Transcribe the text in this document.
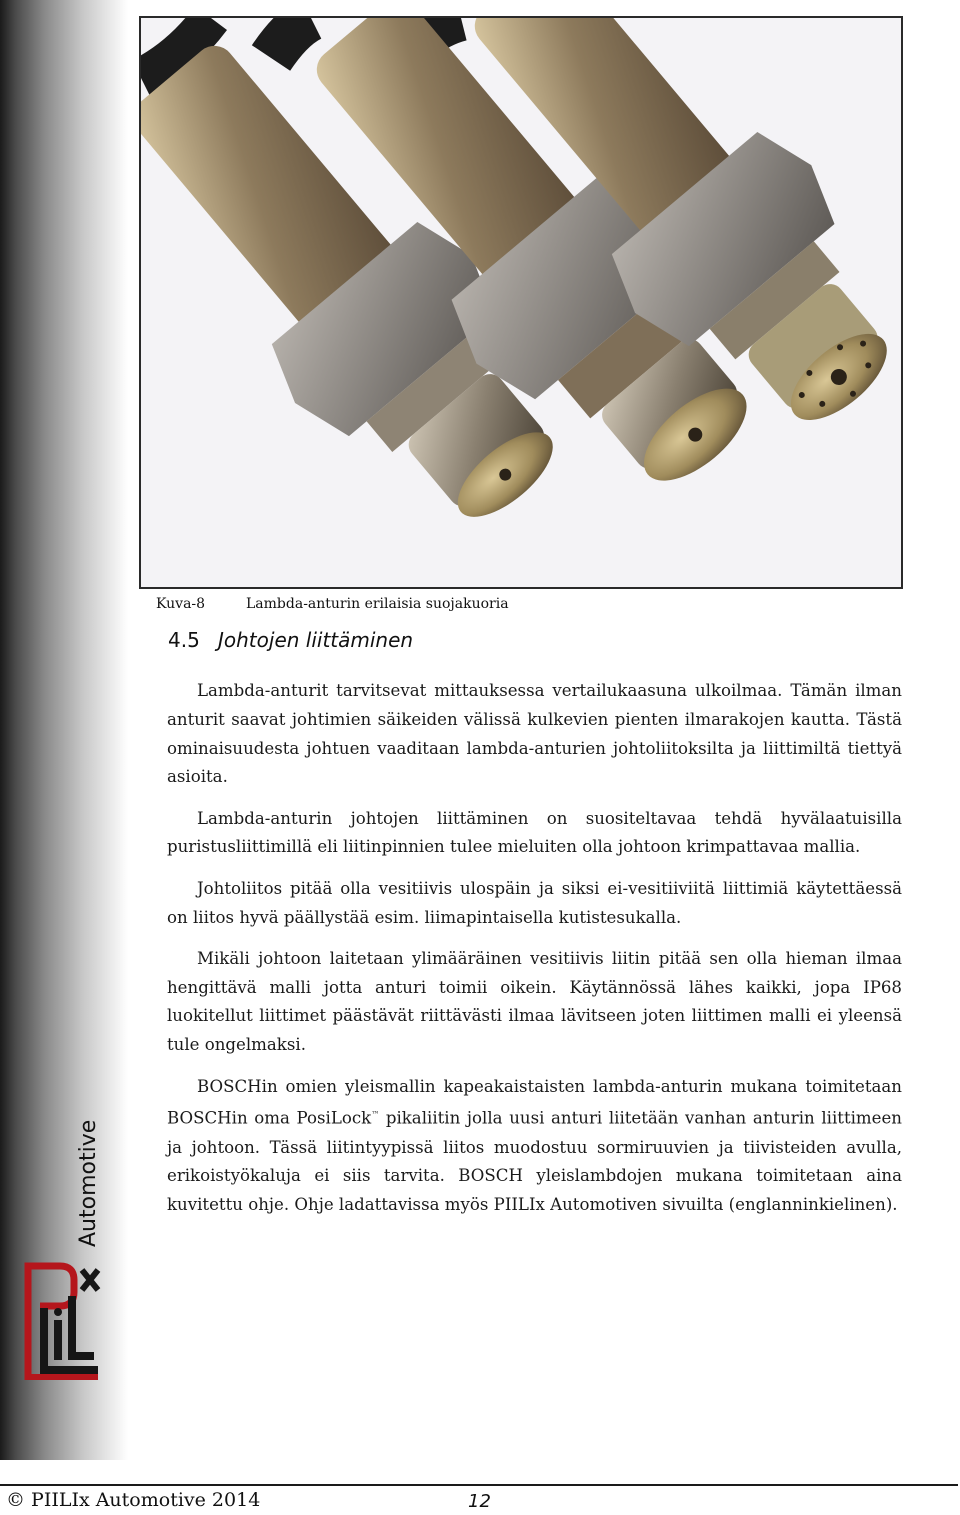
Automotive
Kuva-8	Lambda-anturin erilaisia suojakuoria
4.5 Johtojen liittäminen

Lambda-anturit tarvitsevat mittauksessa vertailukaasuna ulkoilmaa. Tämän ilman anturit saavat johtimien säikeiden välissä kulkevien pienten ilmarakojen kautta. Tästä ominaisuudesta johtuen vaaditaan lambda-anturien johtoliitoksilta ja liittimiltä tiettyä asioita.

Lambda-anturin johtojen liittäminen on suositeltavaa tehdä hyvälaatuisilla puristusliittimillä eli liitinpinnien tulee mieluiten olla johtoon krimpattavaa mallia.

Johtoliitos pitää olla vesitiivis ulospäin ja siksi ei-vesitiiviitä liittimiä käytettäessä on liitos hyvä päällystää esim. liimapintaisella kutistesukalla.

Mikäli johtoon laitetaan ylimääräinen vesitiivis liitin pitää sen olla hieman ilmaa hengittävä malli jotta anturi toimii oikein. Käytännössä lähes kaikki, jopa IP68 luokitellut liittimet päästävät riittävästi ilmaa lävitseen joten liittimen malli ei yleensä tule ongelmaksi.

BOSCHin omien yleismallin kapeakaistaisten lambda-anturin mukana toimitetaan BOSCHin oma PosiLock™ pikaliitin jolla uusi anturi liitetään vanhan anturin liittimeen ja johtoon. Tässä liitintyypissä liitos muodostuu sormiruuvien ja tiivisteiden avulla, erikoistyökaluja ei siis tarvita. BOSCH yleislambdojen mukana toimitetaan aina kuvitettu ohje. Ohje ladattavissa myös PIILIx Automotiven sivuilta (englanninkielinen).

© PIILIx Automotive 2014	12
